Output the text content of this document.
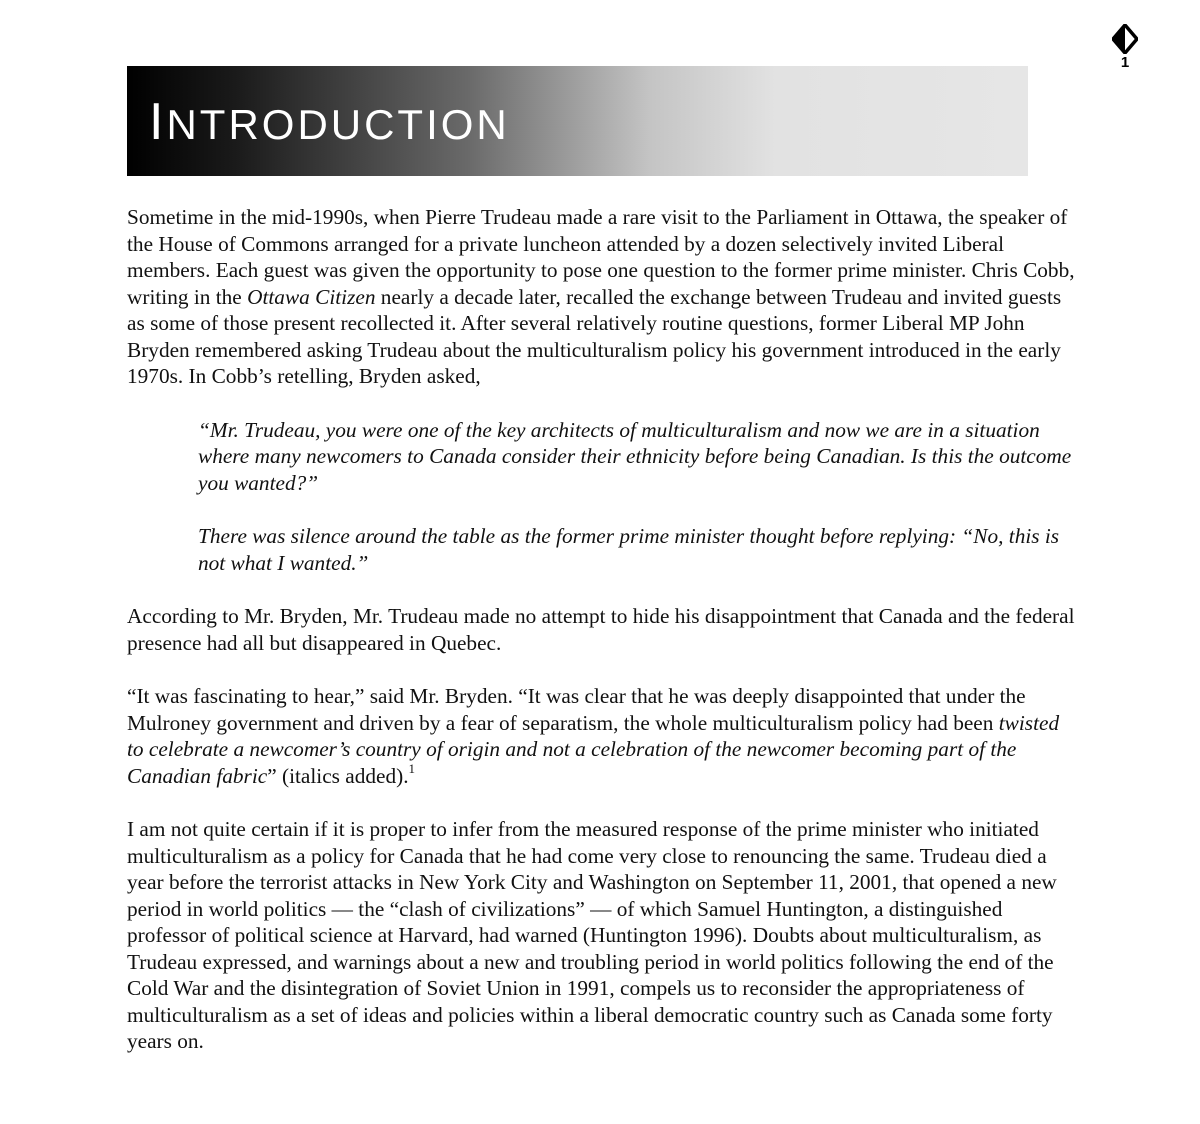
1
INTRODUCTION

Sometime in the mid-1990s, when Pierre Trudeau made a rare visit to the Parliament in Ottawa, the speaker of the House of Commons arranged for a private luncheon attended by a dozen selectively invited Liberal members. Each guest was given the opportunity to pose one question to the former prime minister. Chris Cobb, writing in the Ottawa Citizen nearly a decade later, recalled the exchange between Trudeau and invited guests as some of those present recollected it. After several relatively routine questions, former Liberal MP John Bryden remembered asking Trudeau about the multiculturalism policy his government introduced in the early 1970s. In Cobb’s retelling, Bryden asked,

“Mr. Trudeau, you were one of the key architects of multiculturalism and now we are in a situation where many newcomers to Canada consider their ethnicity before being Canadian. Is this the outcome you wanted?”

There was silence around the table as the former prime minister thought before replying: “No, this is not what I wanted.”

According to Mr. Bryden, Mr. Trudeau made no attempt to hide his disappointment that Canada and the federal presence had all but disappeared in Quebec.

“It was fascinating to hear,” said Mr. Bryden. “It was clear that he was deeply disappointed that under the Mulroney government and driven by a fear of separatism, the whole multiculturalism policy had been twisted to celebrate a newcomer’s country of origin and not a celebration of the newcomer becoming part of the Canadian fabric” (italics added).$^1$

I am not quite certain if it is proper to infer from the measured response of the prime minister who initiated multiculturalism as a policy for Canada that he had come very close to renouncing the same. Trudeau died a year before the terrorist attacks in New York City and Washington on September 11, 2001, that opened a new period in world politics — the “clash of civilizations” — of which Samuel Huntington, a distinguished professor of political science at Harvard, had warned (Huntington 1996). Doubts about multiculturalism, as Trudeau expressed, and warnings about a new and troubling period in world politics following the end of the Cold War and the disintegration of Soviet Union in 1991, compels us to reconsider the appropriateness of multiculturalism as a set of ideas and policies within a liberal democratic country such as Canada some forty years on.
